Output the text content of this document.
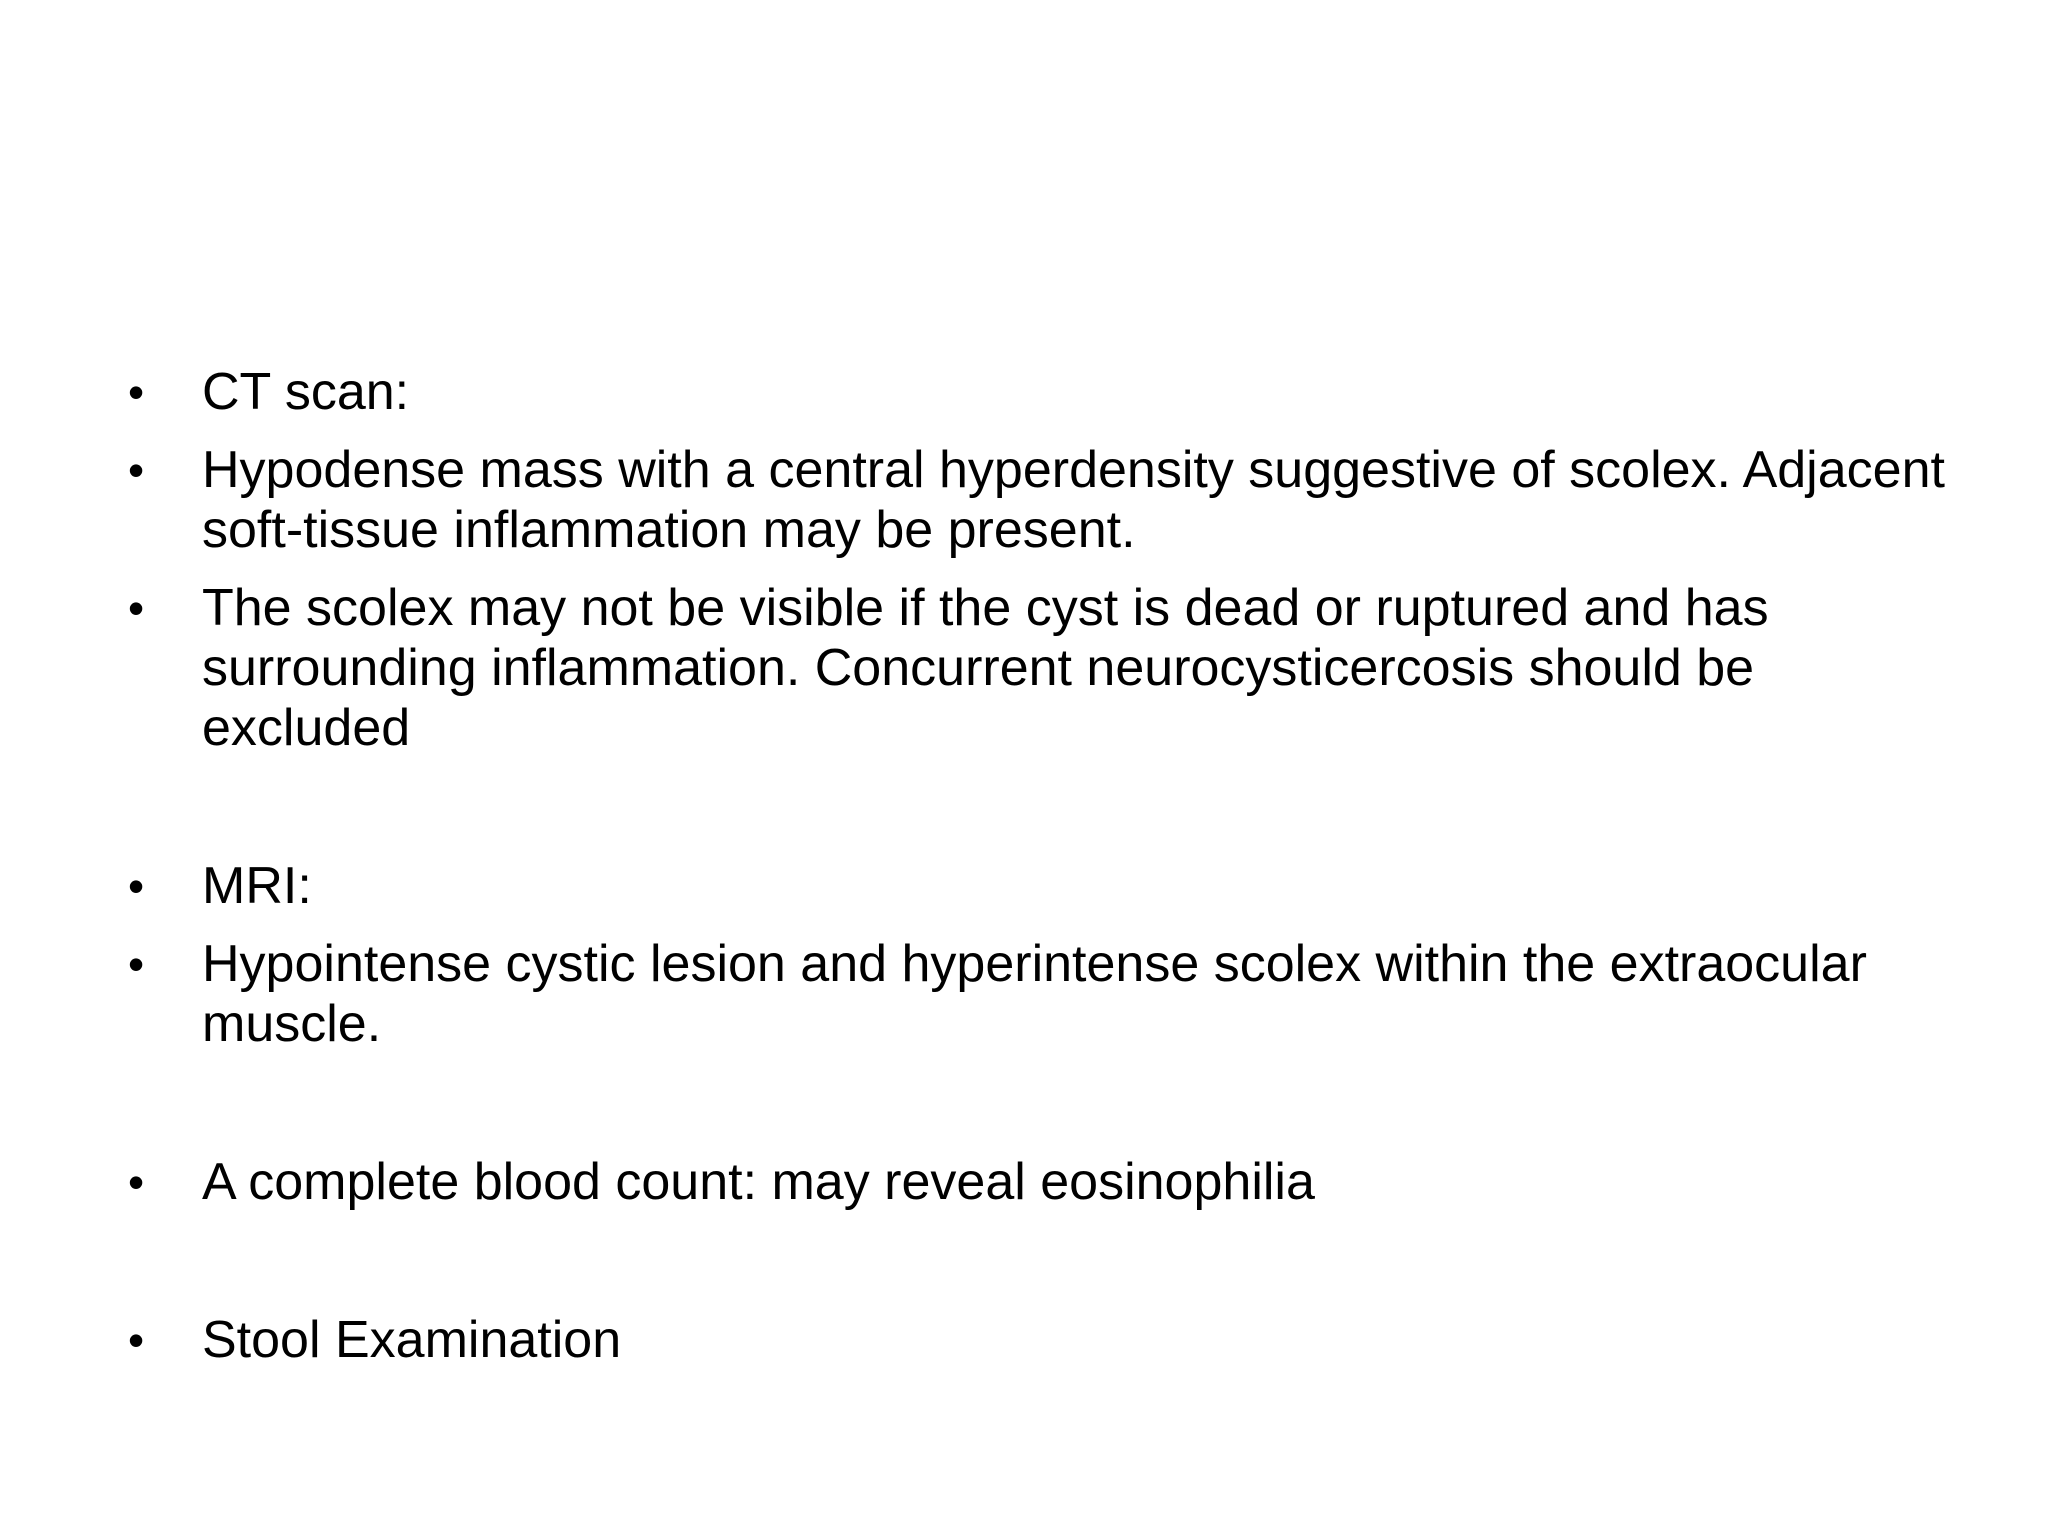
•	CT scan:
•	Hypodense mass with a central hyperdensity suggestive of scolex. Adjacent soft-tissue inflammation may be present.
•	The scolex may not be visible if the cyst is dead or ruptured and has surrounding inflammation. Concurrent neurocysticercosis should be excluded
•	MRI:
•	Hypointense cystic lesion and hyperintense scolex within the extraocular muscle.
•	A complete blood count: may reveal eosinophilia
•	Stool Examination
